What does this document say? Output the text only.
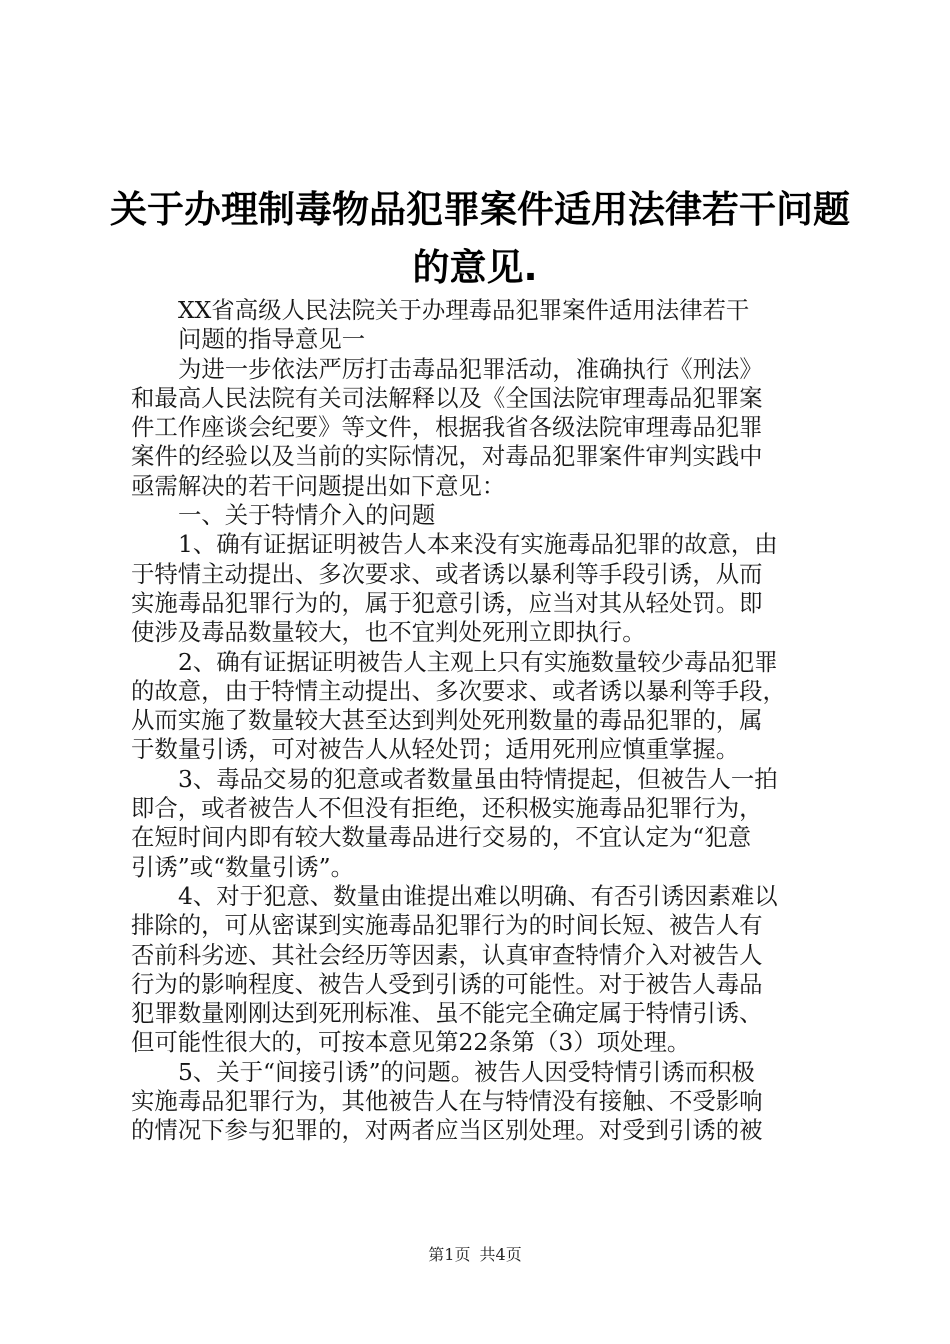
关于办理制毒物品犯罪案件适用法律若干问题
的意见.
XX省高级人民法院关于办理毒品犯罪案件适用法律若干
问题的指导意见一
为进一步依法严厉打击毒品犯罪活动，准确执行《刑法》
和最高人民法院有关司法解释以及《全国法院审理毒品犯罪案
件工作座谈会纪要》等文件，根据我省各级法院审理毒品犯罪
案件的经验以及当前的实际情况，对毒品犯罪案件审判实践中
亟需解决的若干问题提出如下意见：
一、关于特情介入的问题
1、确有证据证明被告人本来没有实施毒品犯罪的故意，由
于特情主动提出、多次要求、或者诱以暴利等手段引诱，从而
实施毒品犯罪行为的，属于犯意引诱，应当对其从轻处罚。即
使涉及毒品数量较大，也不宜判处死刑立即执行。
2、确有证据证明被告人主观上只有实施数量较少毒品犯罪
的故意，由于特情主动提出、多次要求、或者诱以暴利等手段，
从而实施了数量较大甚至达到判处死刑数量的毒品犯罪的，属
于数量引诱，可对被告人从轻处罚；适用死刑应慎重掌握。
3、毒品交易的犯意或者数量虽由特情提起，但被告人一拍
即合，或者被告人不但没有拒绝，还积极实施毒品犯罪行为，
在短时间内即有较大数量毒品进行交易的，不宜认定为“犯意
引诱”或“数量引诱”。
4、对于犯意、数量由谁提出难以明确、有否引诱因素难以
排除的，可从密谋到实施毒品犯罪行为的时间长短、被告人有
否前科劣迹、其社会经历等因素，认真审查特情介入对被告人
行为的影响程度、被告人受到引诱的可能性。对于被告人毒品
犯罪数量刚刚达到死刑标准、虽不能完全确定属于特情引诱、
但可能性很大的，可按本意见第22条第（3）项处理。
5、关于“间接引诱”的问题。被告人因受特情引诱而积极
实施毒品犯罪行为，其他被告人在与特情没有接触、不受影响
的情况下参与犯罪的，对两者应当区别处理。对受到引诱的被
第1页 共4页
